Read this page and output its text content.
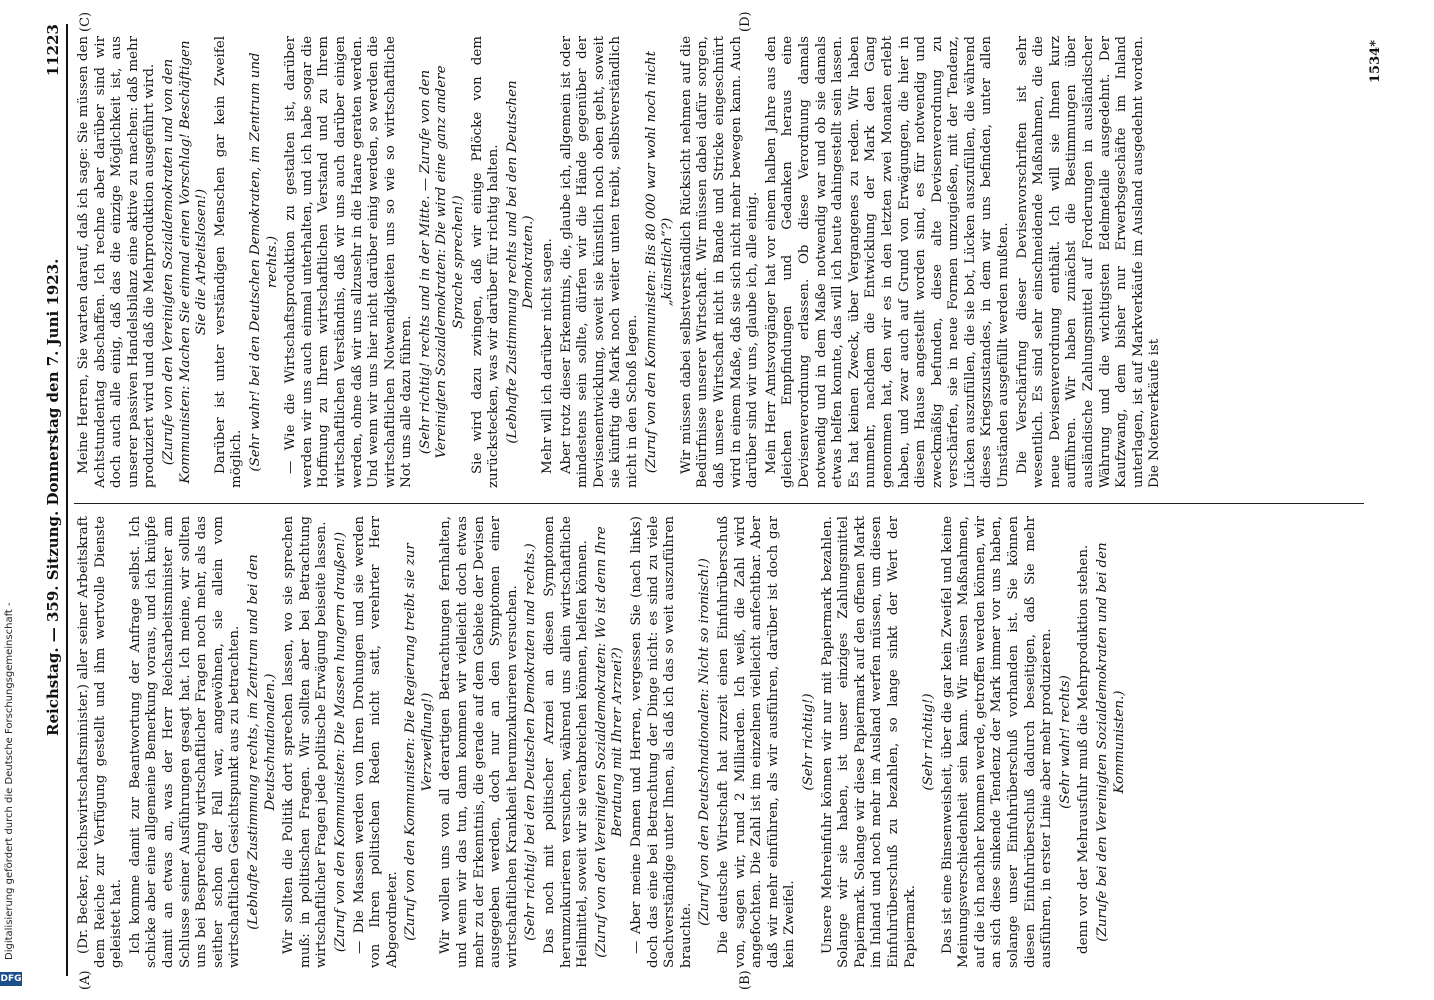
Reichstag. — 359. Sitzung. Donnerstag den 7. Juni 1923.
11223
(A)	(B)
(C)	(D)

(Dr. Becker, Reichswirtschaftsminister.) aller seiner Arbeitskraft dem Reiche zur Verfügung gestellt und ihm wertvolle Dienste geleistet hat. Ich komme damit zur Beantwortung der Anfrage selbst. Ich schicke aber eine allgemeine Bemerkung voraus, und ich knüpfe damit an etwas an, was der Herr Reichsarbeitsminister am Schlusse seiner Ausführungen gesagt hat. Ich meine, wir sollten uns bei Besprechung wirtschaftlicher Fragen noch mehr, als das seither schon der Fall war, angewöhnen, sie allein vom wirtschaftlichen Gesichtspunkt aus zu betrachten. (Lebhafte Zustimmung rechts, im Zentrum und bei den Deutschnationalen.) Wir sollten die Politik dort sprechen lassen, wo sie sprechen muß: in politischen Fragen. Wir sollten aber bei Betrachtung wirtschaftlicher Fragen jede politische Erwägung beiseite lassen. (Zuruf von den Kommunisten: Die Massen hungern draußen!) — Die Massen werden von Ihren Drohungen und sie werden von Ihren politischen Reden nicht satt, verehrter Herr Abgeordneter. (Zuruf von den Kommunisten: Die Regierung treibt sie zur Verzweiflung!) Wir wollen uns von all derartigen Betrachtungen fernhalten, und wenn wir das tun, dann kommen wir vielleicht doch etwas mehr zu der Erkenntnis, die gerade auf dem Gebiete der Devisen ausgegeben werden, doch nur an den Symptomen einer wirtschaftlichen Krankheit herumzukurieren versuchen. (Sehr richtig! bei den Deutschen Demokraten und rechts.) Das noch mit politischer Arznei an diesen Symptomen herumzukurieren versuchen, während uns allein wirtschaftliche Heilmittel, soweit wir sie verabreichen können, helfen können. (Zuruf von den Vereinigten Sozialdemokraten: Wo ist denn Ihre Beratung mit Ihrer Arznei?) — Aber meine Damen und Herren, vergessen Sie (nach links) doch das eine bei Betrachtung der Dinge nicht: es sind zu viele Sachverständige unter Ihnen, als daß ich das so weit auszuführen brauchte.

(Zuruf von den Deutschnationalen: Nicht so ironisch!) Die deutsche Wirtschaft hat zurzeit einen Einfuhrüberschuß von, sagen wir, rund 2 Milliarden. Ich weiß, die Zahl wird angefochten. Die Zahl ist im einzelnen vielleicht anfechtbar. Aber daß wir mehr einführen, als wir ausführen, darüber ist doch gar kein Zweifel.

(Sehr richtig!) Unsere Mehreinfuhr können wir nur mit Papiermark bezahlen. Solange wir sie haben, ist unser einziges Zahlungsmittel Papiermark. Solange wir diese Papiermark auf den offenen Markt im Inland und noch mehr im Ausland werfen müssen, um diesen Einfuhrüberschuß zu bezahlen, so lange sinkt der Wert der Papiermark.

(Sehr richtig!) Das ist eine Binsenweisheit, über die gar kein Zweifel und keine Meinungsverschiedenheit sein kann. Wir müssen Maßnahmen, auf die ich nachher kommen werde, getroffen werden können, wir an sich diese sinkende Tendenz der Mark immer vor uns haben, solange unser Einfuhrüberschuß vorhanden ist. Sie können diesen Einfuhrüberschuß dadurch beseitigen, daß Sie mehr ausführen, in erster Linie aber mehr produzieren. (Sehr wahr! rechts) denn vor der Mehrausfuhr muß die Mehrproduktion stehen. (Zurufe bei den Vereinigten Sozialdemokraten und bei den Kommunisten.)

Meine Herren, Sie warten darauf, daß ich sage: Sie müssen den Achtstundentag abschaffen. Ich rechne aber darüber sind wir doch auch alle einig, daß das die einzige Möglichkeit ist, aus unserer passiven Handelsbilanz eine aktive zu machen: daß mehr produziert wird und daß die Mehrproduktion ausgeführt wird. (Zurufe von den Vereinigten Sozialdemokraten und von den Kommunisten: Machen Sie einmal einen Vorschlag! Beschäftigen Sie die Arbeitslosen!) Darüber ist unter verständigen Menschen gar kein Zweifel möglich. (Sehr wahr! bei den Deutschen Demokraten, im Zentrum und rechts.) — Wie die Wirtschaftsproduktion zu gestalten ist, darüber werden wir uns auch einmal unterhalten, und ich habe sogar die Hoffnung zu Ihrem wirtschaftlichen Verstand und zu Ihrem wirtschaftlichen Verständnis, daß wir uns auch darüber einigen werden, ohne daß wir uns allzusehr in die Haare geraten werden. Und wenn wir uns hier nicht darüber einig werden, so werden die wirtschaftlichen Notwendigkeiten uns so wie so wirtschaftliche Not uns alle dazu führen. (Sehr richtig! rechts und in der Mitte. — Zurufe von den Vereinigten Sozialdemokraten: Die wird eine ganz andere Sprache sprechen!) Sie wird dazu zwingen, daß wir einige Pflöcke von dem zurückstecken, was wir darüber für richtig halten. (Lebhafte Zustimmung rechts und bei den Deutschen Demokraten.) Mehr will ich darüber nicht sagen. Aber trotz dieser Erkenntnis, die, glaube ich, allgemein ist oder mindestens sein sollte, dürfen wir die Hände gegenüber der Devisenentwicklung, soweit sie künstlich noch oben geht, soweit sie künftig die Mark noch weiter unten treibt, selbstverständlich nicht in den Schoß legen. (Zuruf von den Kommunisten: Bis 80 000 war wohl noch nicht „künstlich“?) Wir müssen dabei selbstverständlich Rücksicht nehmen auf die Bedürfnisse unserer Wirtschaft. Wir müssen dabei dafür sorgen, daß unsere Wirtschaft nicht in Bande und Stricke eingeschnürt wird in einem Maße, daß sie sich nicht mehr bewegen kann. Auch darüber sind wir uns, glaube ich, alle einig. Mein Herr Amtsvorgänger hat vor einem halben Jahre aus den gleichen Empfindungen und Gedanken heraus eine Devisenverordnung erlassen. Ob diese Verordnung damals notwendig und in dem Maße notwendig war und ob sie damals etwas helfen konnte, das will ich heute dahingestellt sein lassen. Es hat keinen Zweck, über Vergangenes zu reden. Wir haben nunmehr, nachdem die Entwicklung der Mark den Gang genommen hat, den wir es in den letzten zwei Monaten erlebt haben, und zwar auch auf Grund von Erwägungen, die hier in diesem Hause angestellt worden sind, es für notwendig und zweckmäßig befunden, diese alte Devisenverordnung zu verschärfen, sie in neue Formen umzugießen, mit der Tendenz, Lücken auszufüllen, die sie bot, Lücken auszufüllen, die während dieses Kriegszustandes, in dem wir uns befinden, unter allen Umständen ausgefüllt werden mußten. Die Verschärfung dieser Devisenvorschriften ist sehr wesentlich. Es sind sehr einschneidende Maßnahmen, die die neue Devisenverordnung enthält. Ich will sie Ihnen kurz aufführen. Wir haben zunächst die Bestimmungen über ausländische Zahlungsmittel auf Forderungen in ausländischer Währung und die wichtigsten Edelmetalle ausgedehnt. Der Kaufzwang, dem bisher nur Erwerbsgeschäfte im Inland unterlagen, ist auf Markverkäufe im Ausland ausgedehnt worden. Die Notenverkäufe ist

1534*
Digitalisierung gefördert durch die Deutsche Forschungsgemeinschaft -
DFG
